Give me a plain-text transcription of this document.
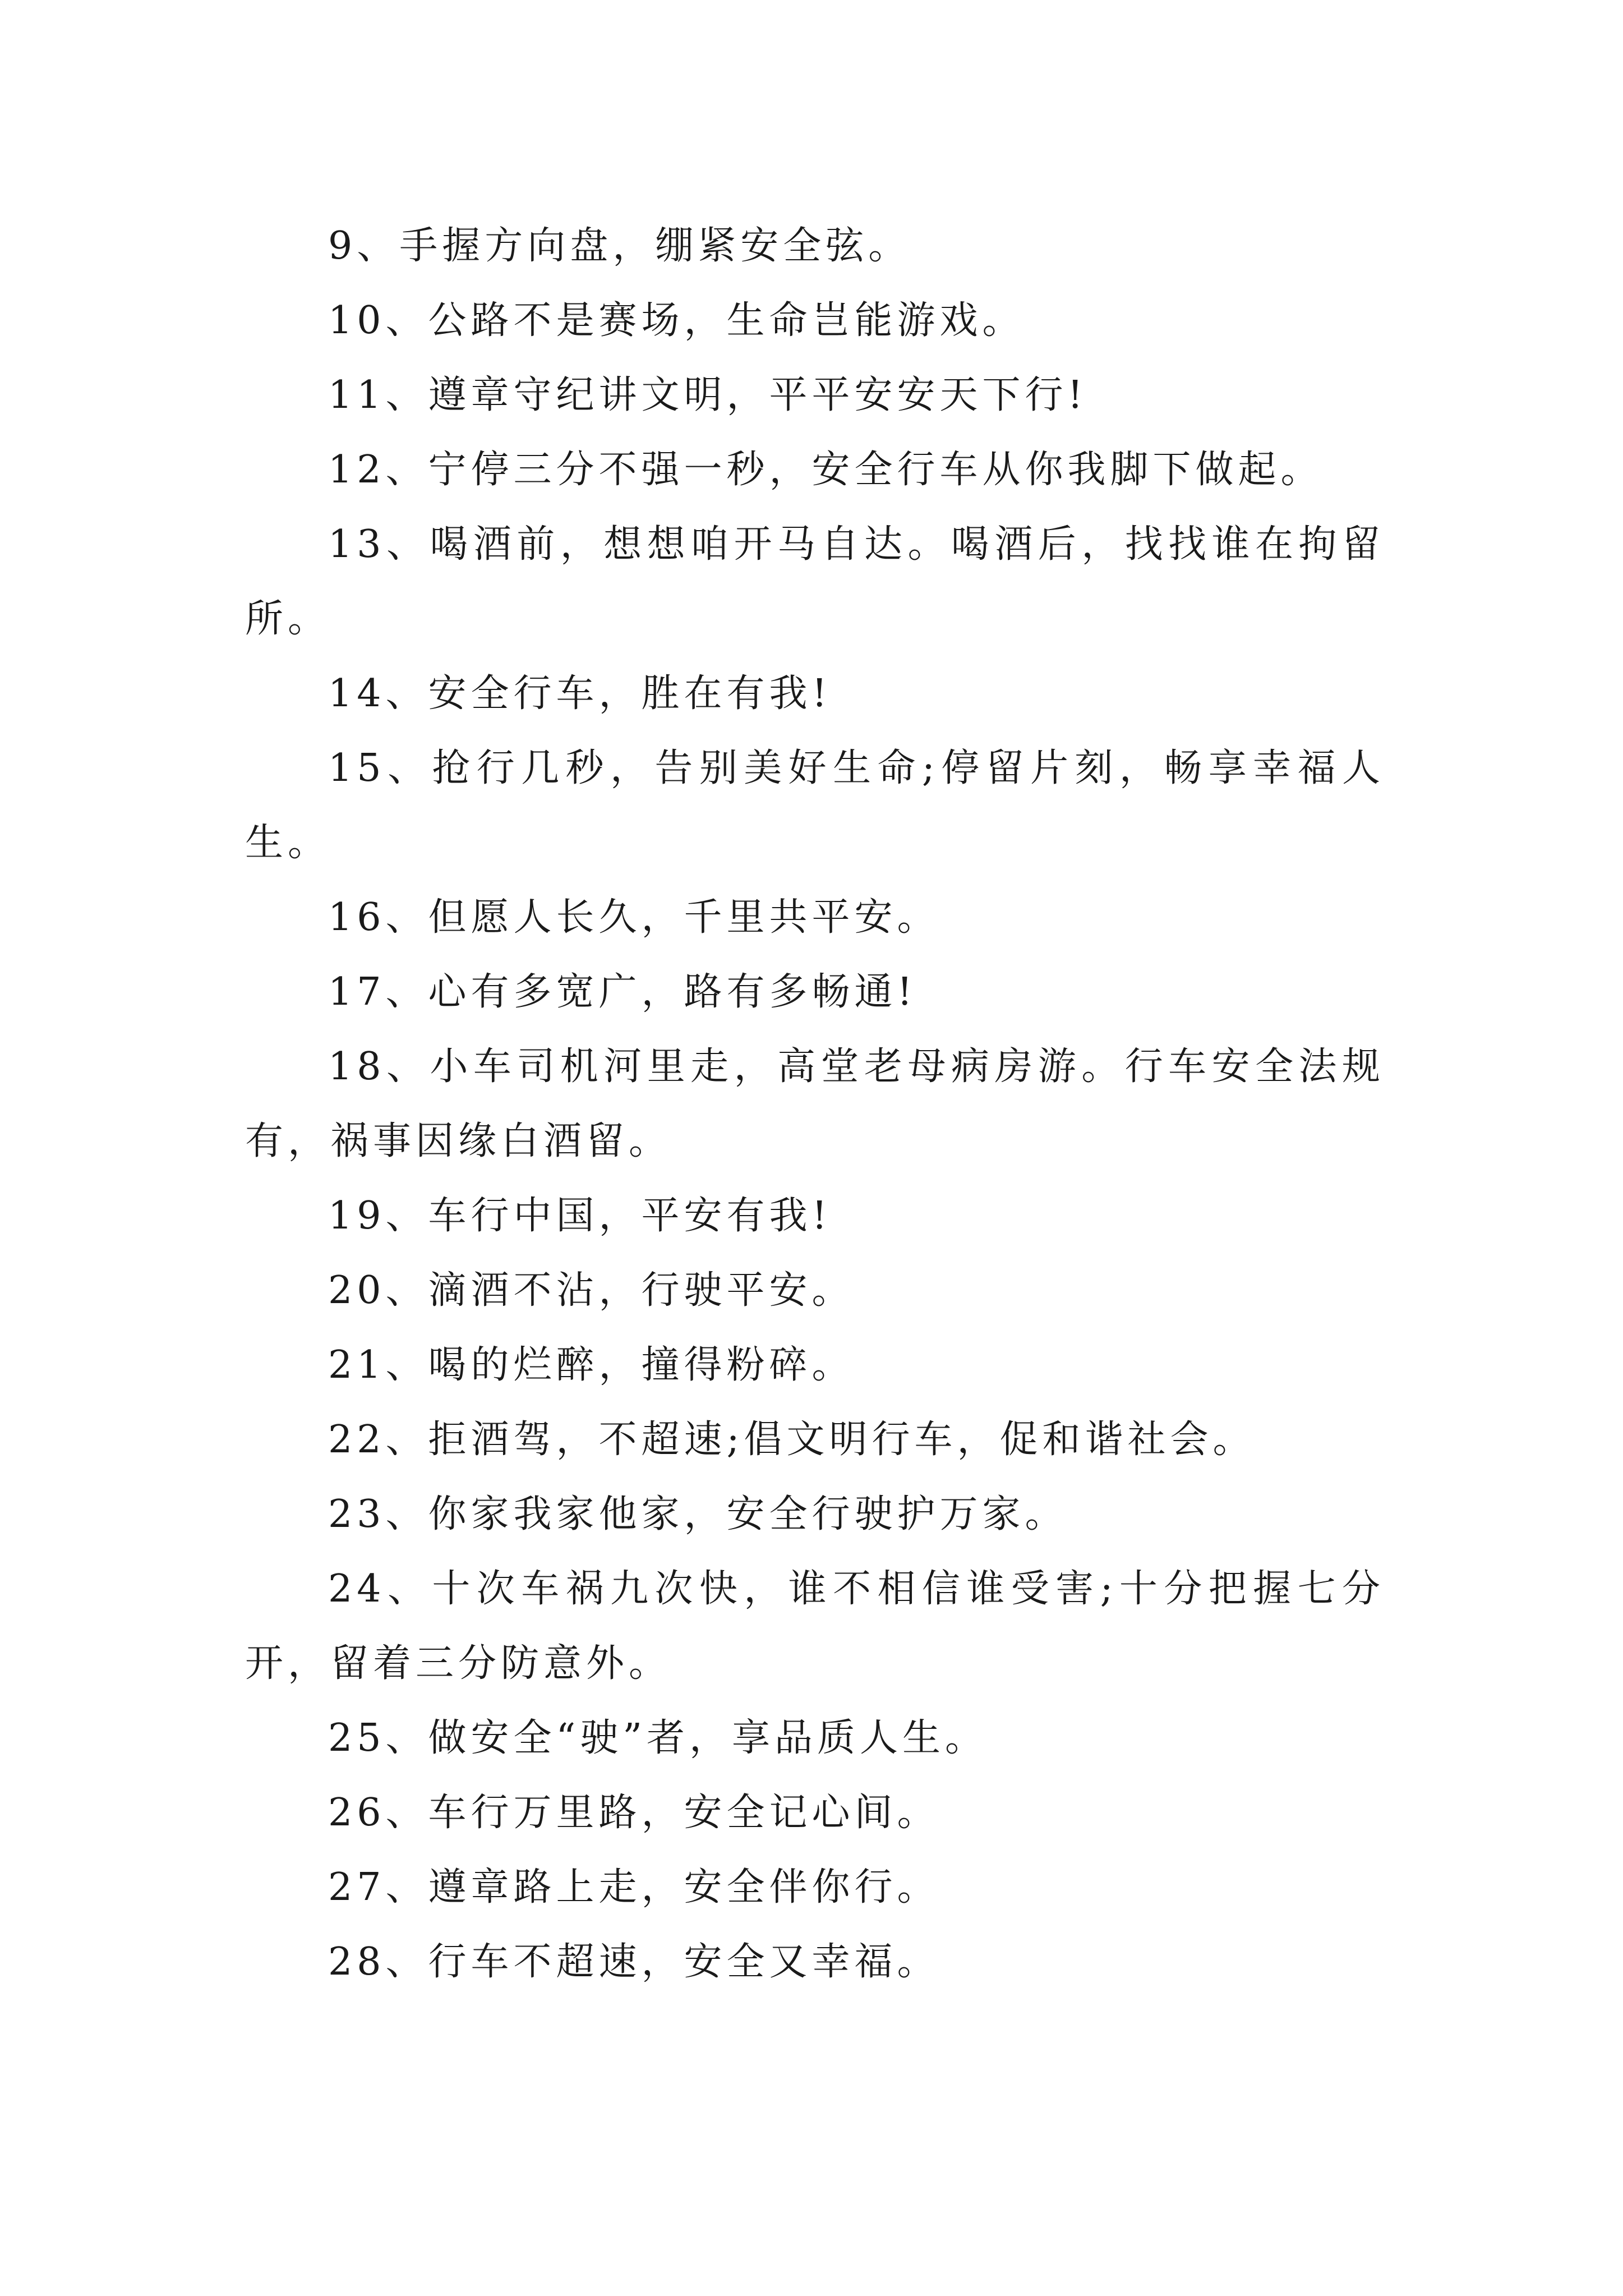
9、手握方向盘，绷紧安全弦。

10、公路不是赛场，生命岂能游戏。

11、遵章守纪讲文明，平平安安天下行!

12、宁停三分不强一秒，安全行车从你我脚下做起。

13、喝酒前，想想咱开马自达。喝酒后，找找谁在拘留所。

14、安全行车，胜在有我!

15、抢行几秒，告别美好生命;停留片刻，畅享幸福人生。

16、但愿人长久，千里共平安。

17、心有多宽广，路有多畅通!

18、小车司机河里走，高堂老母病房游。行车安全法规有，祸事因缘白酒留。

19、车行中国，平安有我!

20、滴酒不沾，行驶平安。

21、喝的烂醉，撞得粉碎。

22、拒酒驾，不超速;倡文明行车，促和谐社会。

23、你家我家他家，安全行驶护万家。

24、十次车祸九次快，谁不相信谁受害;十分把握七分开，留着三分防意外。

25、做安全“驶”者，享品质人生。

26、车行万里路，安全记心间。

27、遵章路上走，安全伴你行。

28、行车不超速，安全又幸福。
